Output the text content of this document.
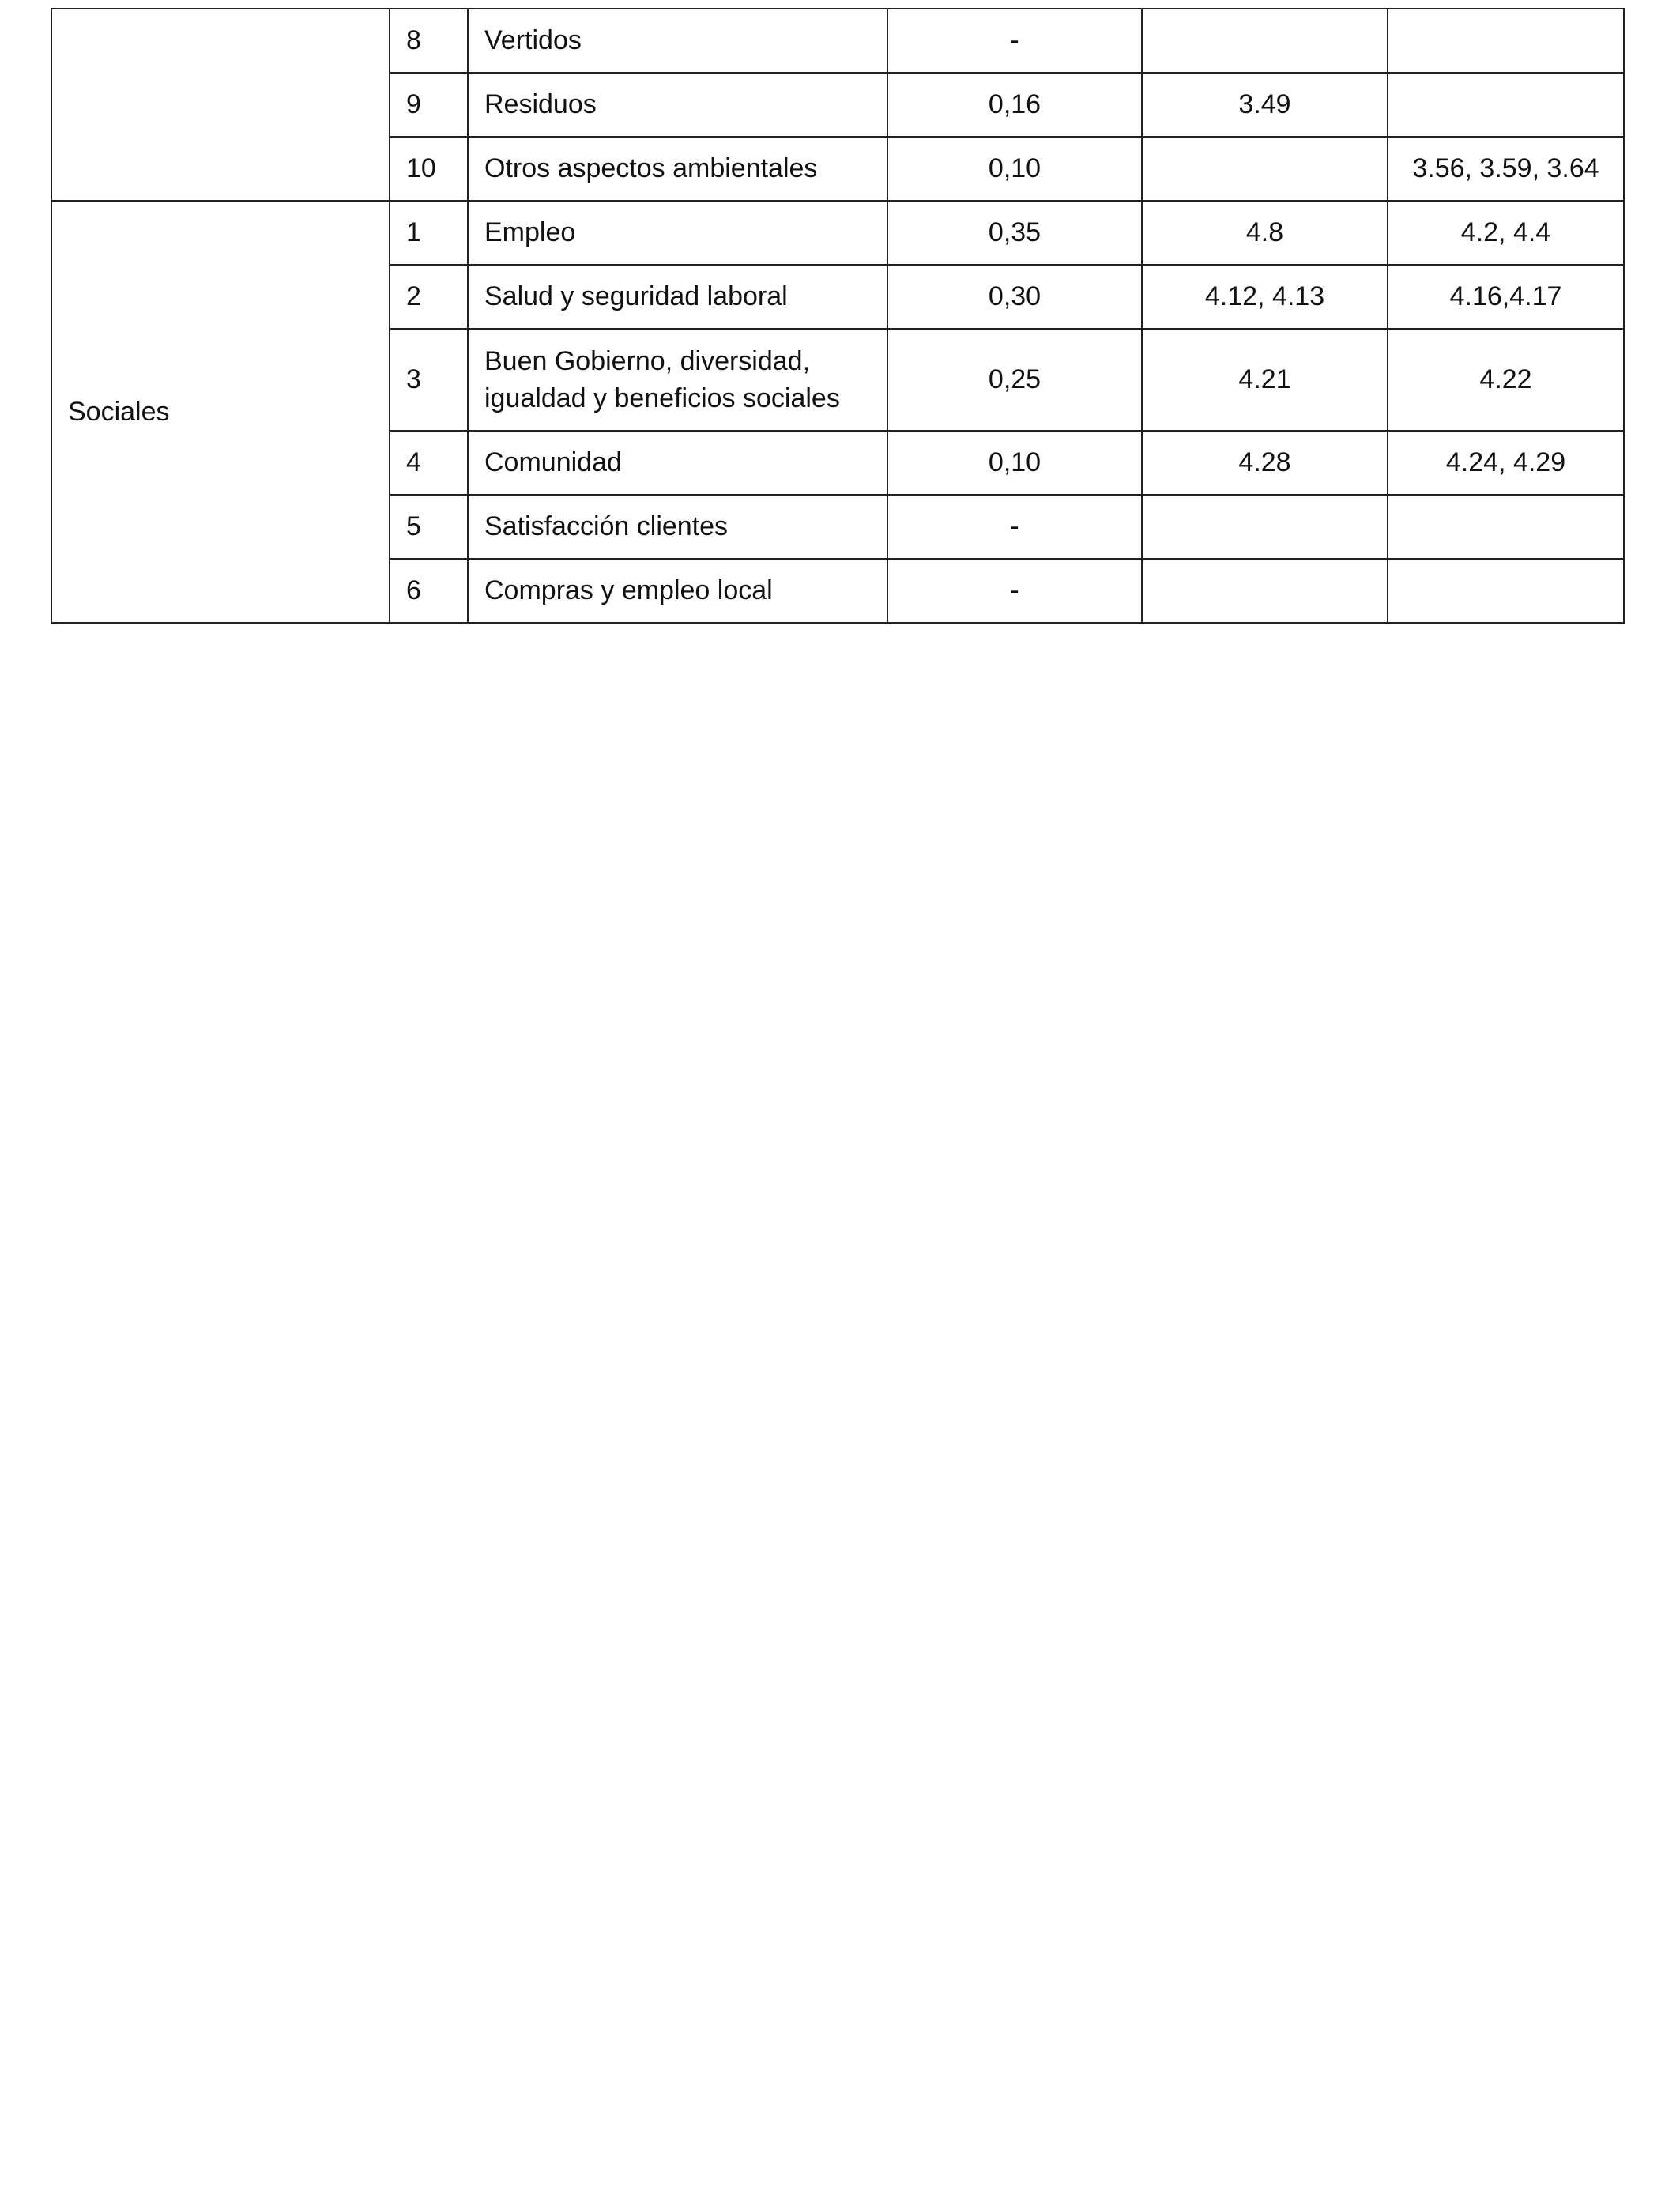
	8	Vertidos	-		
	9	Residuos	0,16	3.49	
	10	Otros aspectos ambientales	0,10		3.56, 3.59, 3.64
Sociales	1	Empleo	0,35	4.8	4.2, 4.4
	2	Salud y seguridad laboral	0,30	4.12, 4.13	4.16,4.17
	3	Buen Gobierno, diversidad, igualdad y beneficios sociales	0,25	4.21	4.22
	4	Comunidad	0,10	4.28	4.24, 4.29
	5	Satisfacción clientes	-		
	6	Compras y empleo local	-		
